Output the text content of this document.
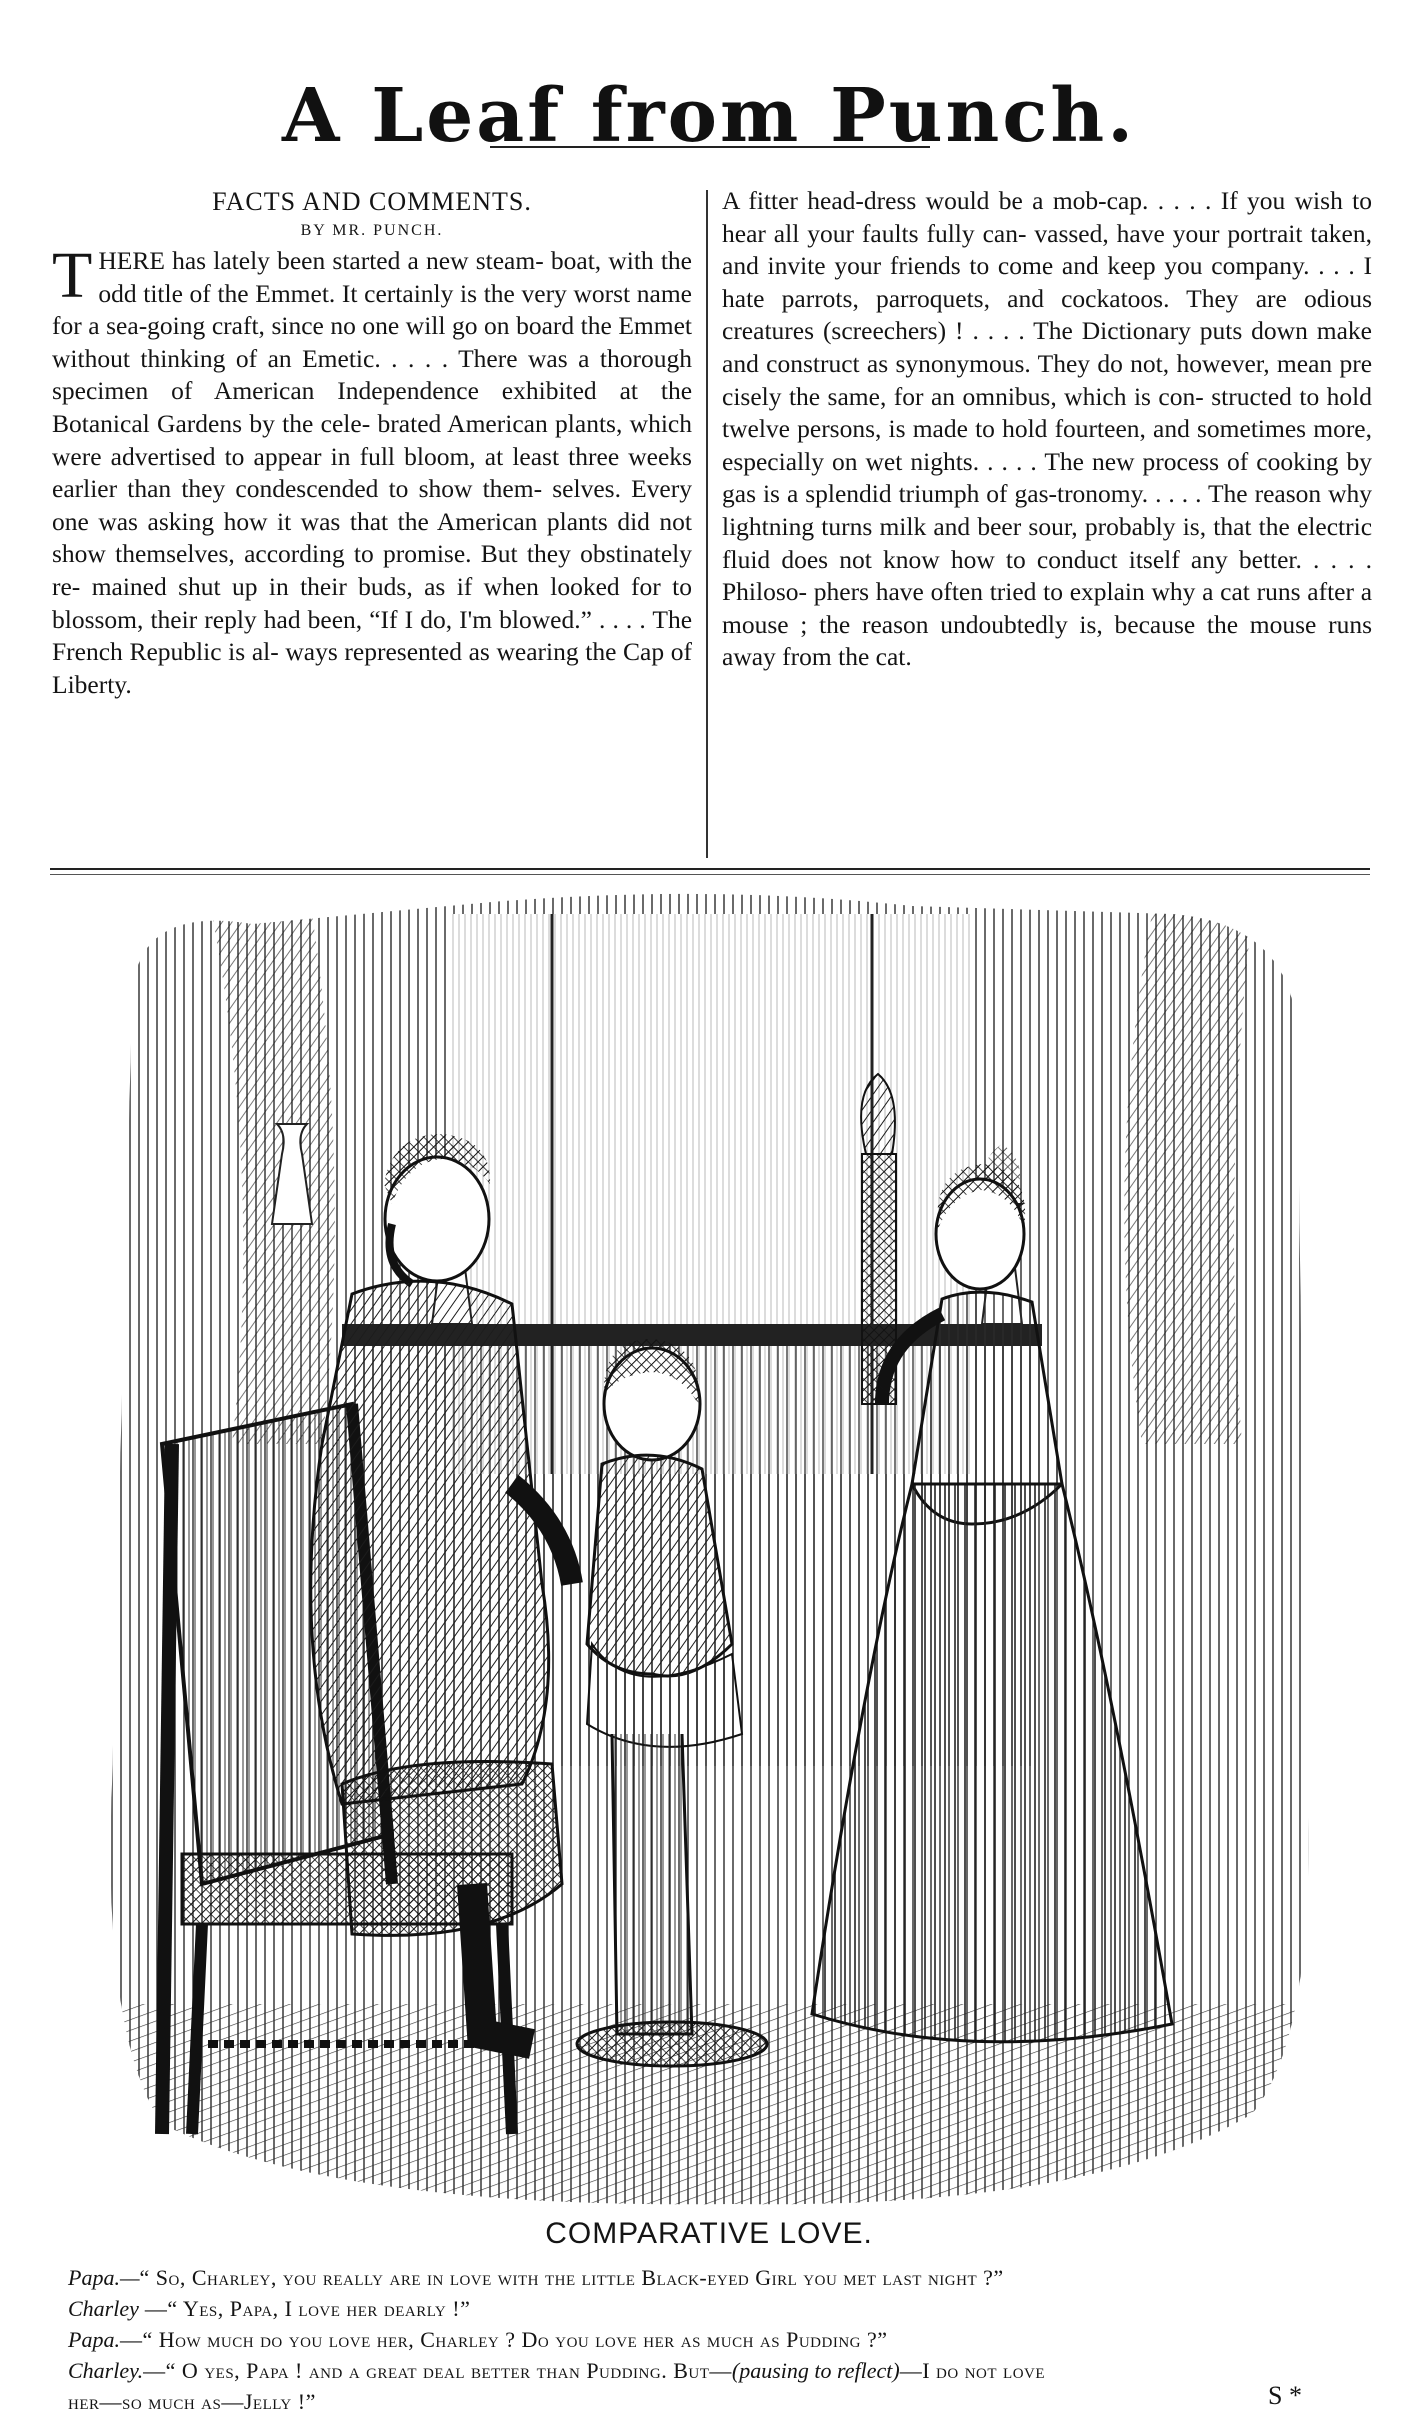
A Leaf from Punch.

FACTS AND COMMENTS.

BY MR. PUNCH.

T HERE has lately been started a new steam- boat, with the odd title of the Emmet. It certainly is the very worst name for a sea-going craft, since no one will go on board the Emmet without thinking of an Emetic. . . . . There was a thorough specimen of American Independence exhibited at the Botanical Gardens by the cele- brated American plants, which were advertised to appear in full bloom, at least three weeks earlier than they condescended to show them- selves. Every one was asking how it was that the American plants did not show themselves, according to promise. But they obstinately re- mained shut up in their buds, as if when looked for to blossom, their reply had been, “If I do, I'm blowed.” . . . . The French Republic is al- ways represented as wearing the Cap of Liberty.

A fitter head-dress would be a mob-cap. . . . . If you wish to hear all your faults fully can- vassed, have your portrait taken, and invite your friends to come and keep you company. . . . I hate parrots, parroquets, and cockatoos. They are odious creatures (screechers) ! . . . . The Dictionary puts down make and construct as synonymous. They do not, however, mean pre cisely the same, for an omnibus, which is con- structed to hold twelve persons, is made to hold fourteen, and sometimes more, especially on wet nights. . . . . The new process of cooking by gas is a splendid triumph of gas-tronomy. . . . . The reason why lightning turns milk and beer sour, probably is, that the electric fluid does not know how to conduct itself any better. . . . . Philoso- phers have often tried to explain why a cat runs after a mouse ; the reason undoubtedly is, because the mouse runs away from the cat.

COMPARATIVE LOVE.

Papa.—“ So, Charley, you really are in love with the little Black-eyed Girl you met last night ?”

Charley —“ Yes, Papa, I love her dearly !”

Papa.—“ How much do you love her, Charley ? Do you love her as much as Pudding ?”

Charley.—“ O yes, Papa ! and a great deal better than Pudding. But—(pausing to reflect)—I do not love

her—so much as—Jelly !”	S *
